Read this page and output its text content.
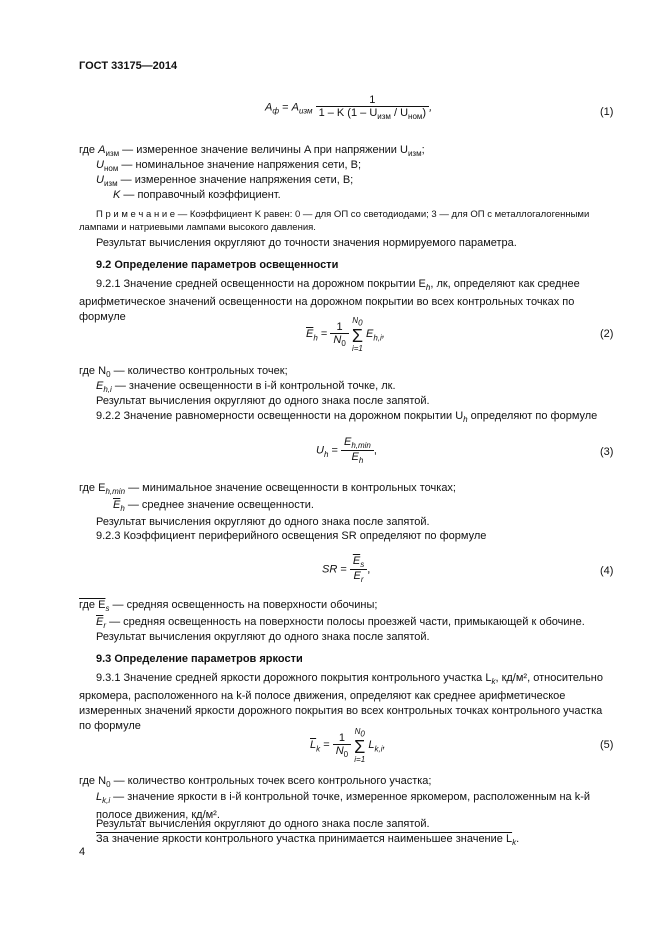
ГОСТ 33175—2014
$A_ф = A_{изм} \frac{1}{1 - K (1 - U_{изм} / U_{ном})}$ ,	(1)
где $A_{изм}$ — измеренное значение величины A при напряжении $U_{изм}$;
$U_{ном}$ — номинальное значение напряжения сети, В;
$U_{изм}$ — измеренное значение напряжения сети, В;
K — поправочный коэффициент.
П р и м е ч а н и е — Коэффициент K равен: 0 — для ОП со светодиодами; 3 — для ОП с металлогалогенными лампами и натриевыми лампами высокого давления.
Результат вычисления округляют до точности значения нормируемого параметра.
9.2 Определение параметров освещенности
9.2.1 Значение средней освещенности на дорожном покрытии $E_h$, лк, определяют как среднее арифметическое значений освещенности на дорожном покрытии во всех контрольных точках по формуле
$\overline{E}_h = \frac{1}{N_0}$
$N_0$
Σ
i=1 $E_{h,i}$,	(2)
где $N_0$ — количество контрольных точек;
$E_{h,i}$ — значение освещенности в i-й контрольной точке, лк.
Результат вычисления округляют до одного знака после запятой.
9.2.2 Значение равномерности освещенности на дорожном покрытии $U_h$ определяют по формуле
$U_h = \frac{E_{h,min}}{\overline{E}_h}$ ,	(3)
где $E_{h,min}$ — минимальное значение освещенности в контрольных точках;
$\overline{E}_h$ — среднее значение освещенности.
Результат вычисления округляют до одного знака после запятой.
9.2.3 Коэффициент периферийного освещения SR определяют по формуле
SR = $\frac{\overline{E}_s}{\overline{E}_r}$ ,	(4)
где $E_s$ — средняя освещенность на поверхности обочины;
$\overline{E}_r$ — средняя освещенность на поверхности полосы проезжей части, примыкающей к обочине.
Результат вычисления округляют до одного знака после запятой.
9.3 Определение параметров яркости
9.3.1 Значение средней яркости дорожного покрытия контрольного участка $L_k$, кд/м², относительно яркомера, расположенного на k-й полосе движения, определяют как среднее арифметическое измеренных значений яркости дорожного покрытия во всех контрольных точках контрольного участка по формуле
$\overline{L}_k = \frac{1}{N_0}$
$N_0$
Σ
i=1 $L_{k,i}$,	(5)
где $N_0$ — количество контрольных точек всего контрольного участка;
$L_{k,i}$ — значение яркости в i-й контрольной точке, измеренное яркомером, расположенным на k-й полосе движения, кд/м².
Результат вычисления округляют до одного знака после запятой.
За значение яркости контрольного участка принимается наименьшее значение $L_k$.
4
